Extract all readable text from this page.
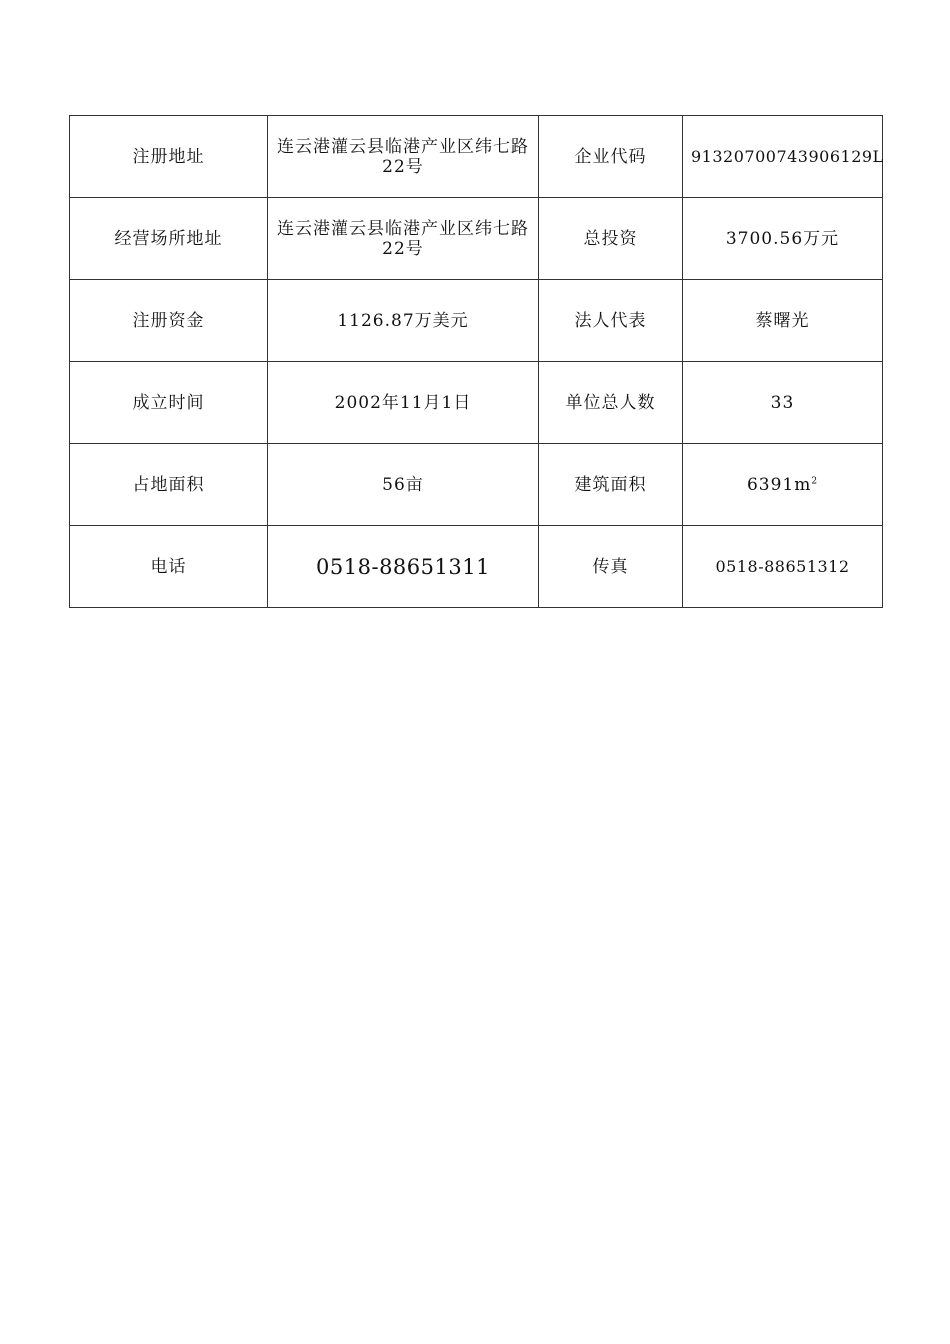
注册地址	连云港灌云县临港产业区纬七路22号	企业代码	91320700743906129L
经营场所地址	连云港灌云县临港产业区纬七路22号	总投资	3700.56万元
注册资金	1126.87万美元	法人代表	蔡曙光
成立时间	2002年11月1日	单位总人数	33
占地面积	56亩	建筑面积	$6391m^2$
电话	0518-88651311	传真	0518-88651312
